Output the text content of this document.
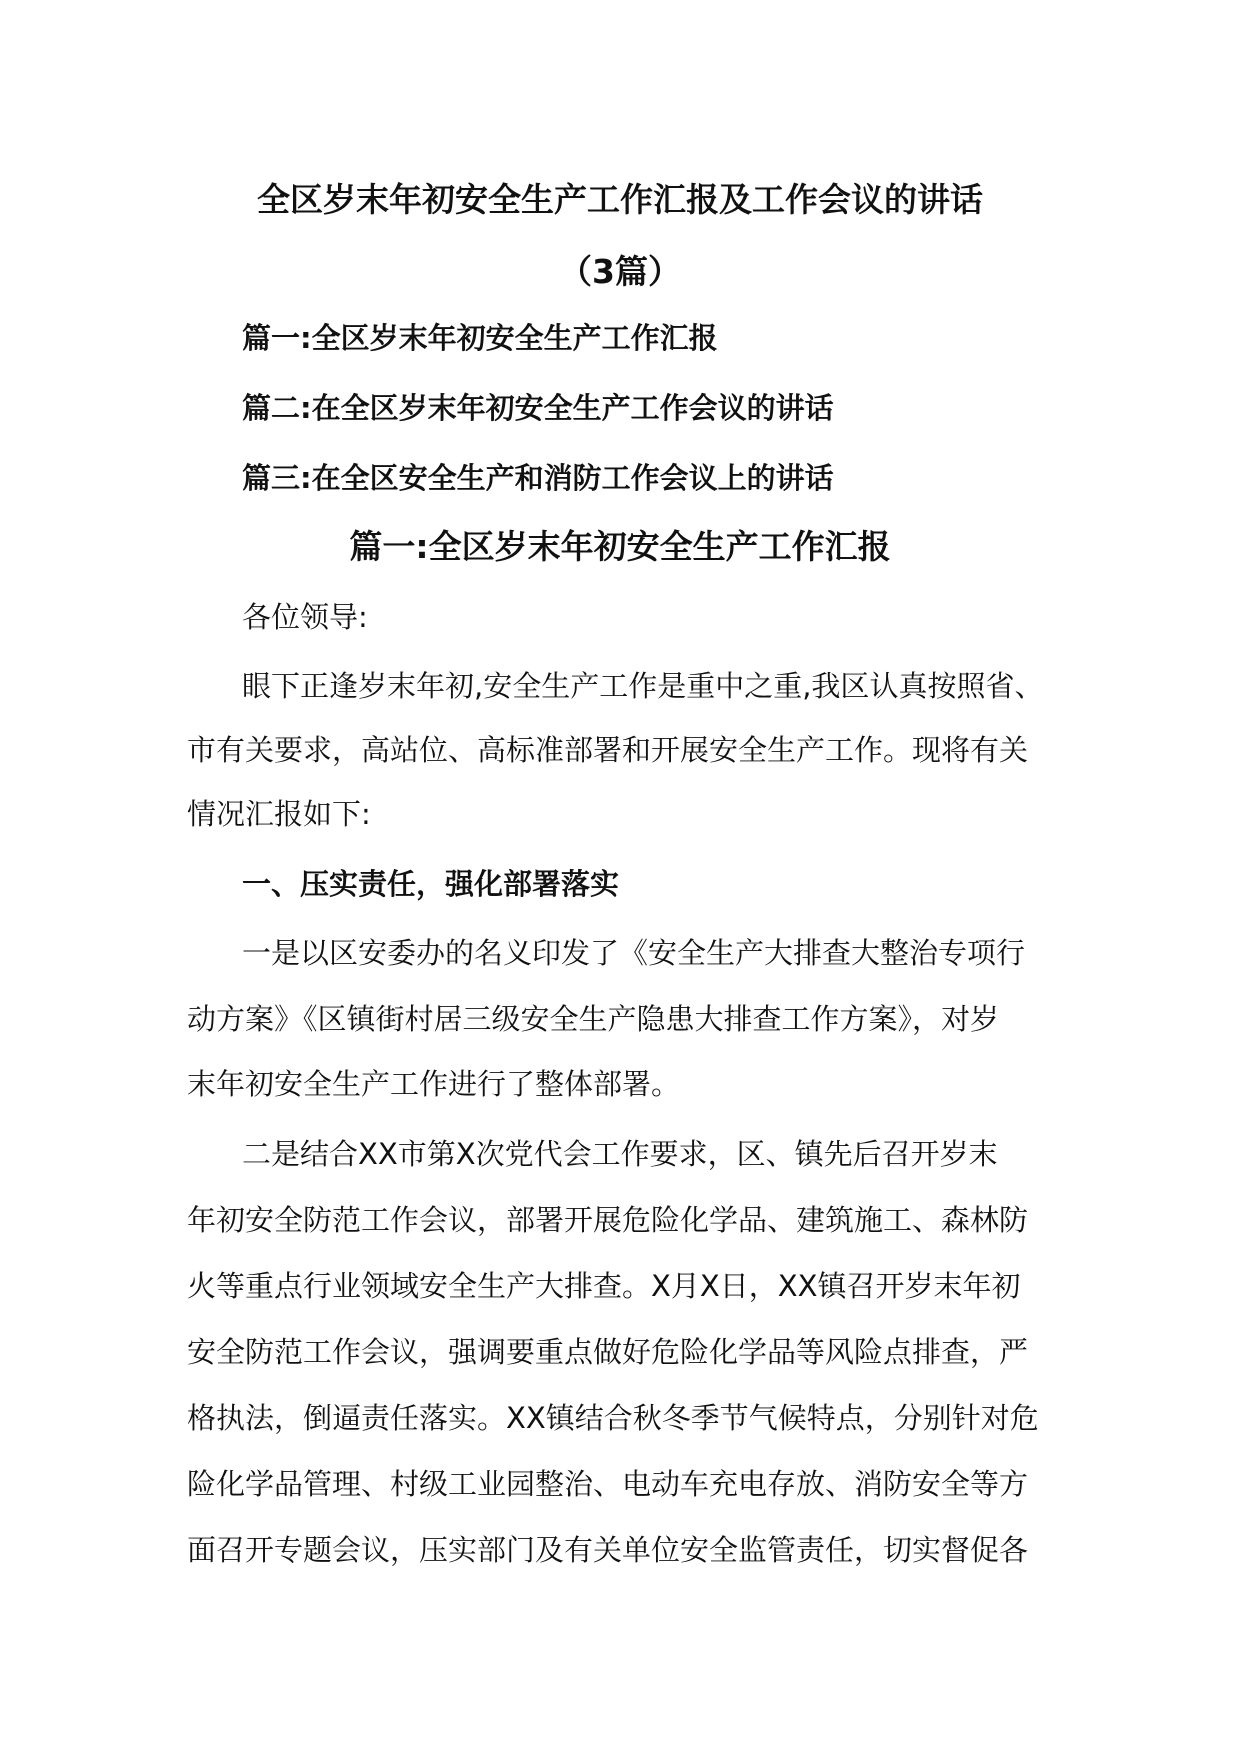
全区岁末年初安全生产工作汇报及工作会议的讲话
（3篇）
篇一:全区岁末年初安全生产工作汇报
篇二:在全区岁末年初安全生产工作会议的讲话
篇三:在全区安全生产和消防工作会议上的讲话
篇一:全区岁末年初安全生产工作汇报
各位领导:
眼下正逢岁末年初,安全生产工作是重中之重,我区认真按照省、
市有关要求，高站位、高标准部署和开展安全生产工作。现将有关
情况汇报如下:
一、压实责任，强化部署落实
一是以区安委办的名义印发了《安全生产大排查大整治专项行
动方案》《区镇街村居三级安全生产隐患大排查工作方案》，对岁
末年初安全生产工作进行了整体部署。
二是结合XX市第X次党代会工作要求，区、镇先后召开岁末
年初安全防范工作会议，部署开展危险化学品、建筑施工、森林防
火等重点行业领域安全生产大排查。X月X日，XX镇召开岁末年初
安全防范工作会议，强调要重点做好危险化学品等风险点排查，严
格执法，倒逼责任落实。XX镇结合秋冬季节气候特点，分别针对危
险化学品管理、村级工业园整治、电动车充电存放、消防安全等方
面召开专题会议，压实部门及有关单位安全监管责任，切实督促各
